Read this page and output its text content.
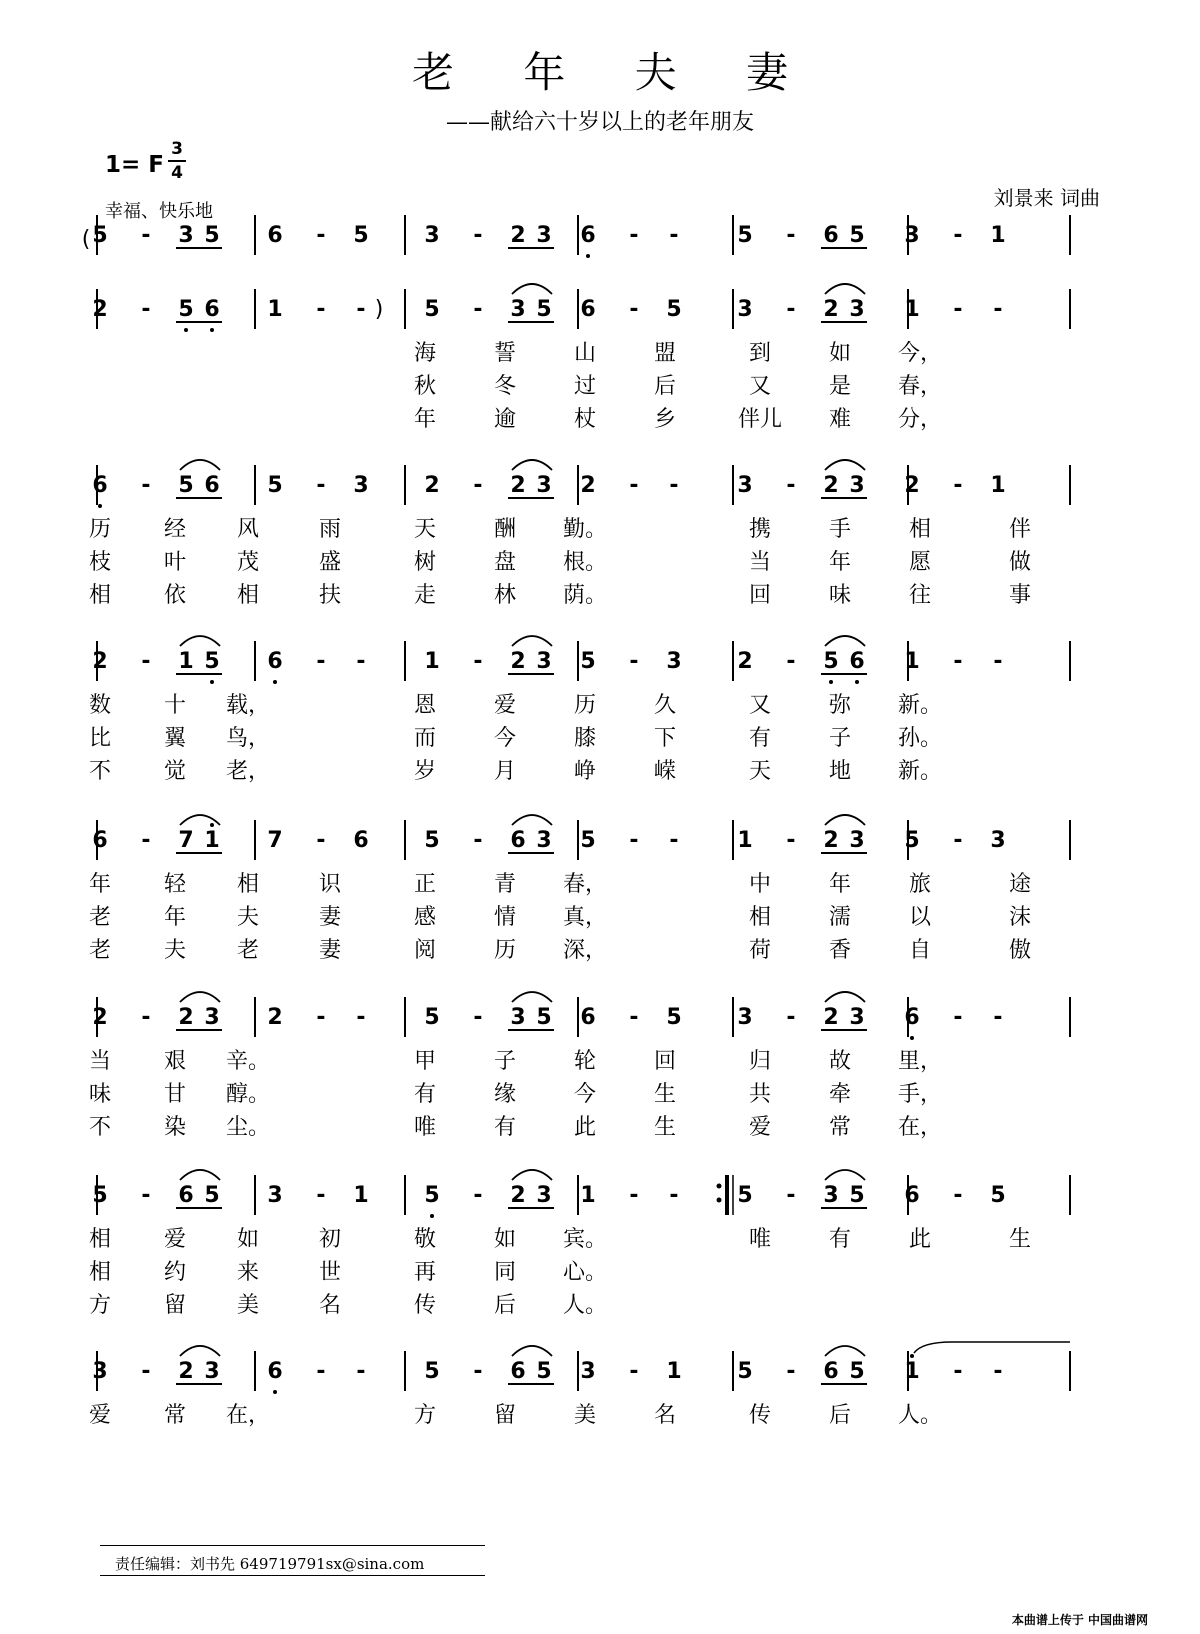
老 年 夫 妻
——献给六十岁以上的老年朋友
1= F $\frac{3}{4}$
幸福、快乐地
刘景来 词曲
( 5 - 3 5 6 - 5	3 - 2 3 6 - -	5 - 6 5 3 - 1
2 - 5 6 1 - - ) 5 - 3 5 6 - 5	3 - 2 3 1 - -
海	誓	山	盟	到	如 今，
秋	冬	过	后	又	是 春，
年	逾	杖	乡	伴儿 难 分，
6 - 5 6 5 - 3	2 - 2 3 2 - -	3 - 2 3 2 - 1
历 经 风	雨	天	酬 勤。	携	手	相	伴
枝 叶 茂	盛	树	盘 根。	当	年	愿	做
相 依 相	扶	走	林 荫。	回	味	往	事
2 - 1 5 6 - -	1 - 2 3 5 - 3	2 - 5 6 1 - -
数 十 载，	恩	爱	历	久	又	弥 新。
比 翼 鸟，	而	今	膝	下	有	子 孙。
不 觉 老，	岁	月	峥	嵘	天	地 新。
6 - 7 1 7 - 6	5 - 6 3 5 - -	1 - 2 3 5 - 3
年 轻 相	识	正	青 春，	中	年	旅	途
老 年 夫	妻	感	情 真，	相	濡	以	沫
老 夫 老	妻	阅	历 深，	荷	香	自	傲
2 - 2 3 2 - -	5 - 3 5 6 - 5	3 - 2 3 6 - -
当 艰 辛。	甲	子	轮	回	归	故 里，
味 甘 醇。	有	缘	今	生	共	牵 手，
不 染 尘。	唯	有	此	生	爱	常 在，
5 - 6 5 3 - 1	5 - 2 3 1 - -	5 - 3 5 6 - 5
相 爱 如	初	敬	如 宾。	唯	有	此	生
相 约 来	世	再	同 心。
方 留 美	名	传	后 人。
3 - 2 3 6 - -	5 - 6 5 3 - 1	5 - 6 5 1 - -
爱 常 在，	方	留	美	名	传	后 人。
责任编辑：刘书先 649719791sx@sina.com
本曲谱上传于 中国曲谱网
